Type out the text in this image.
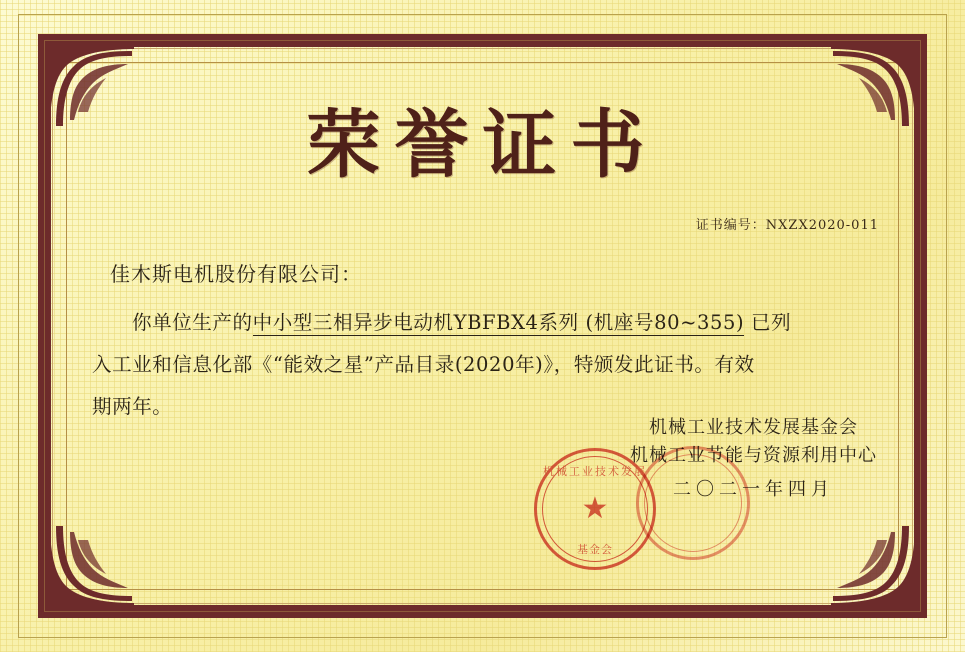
荣誉证书
证书编号：NXZX2020-011
佳木斯电机股份有限公司：
你单位生产的中小型三相异步电动机YBFBX4系列 (机座号80~355) 已列
入工业和信息化部《“能效之星”产品目录(2020年)》，特颁发此证书。有效
期两年。
机械工业技术发展基金会
机械工业节能与资源利用中心
二〇二一年四月
机械工业技术发展
★
基金会
